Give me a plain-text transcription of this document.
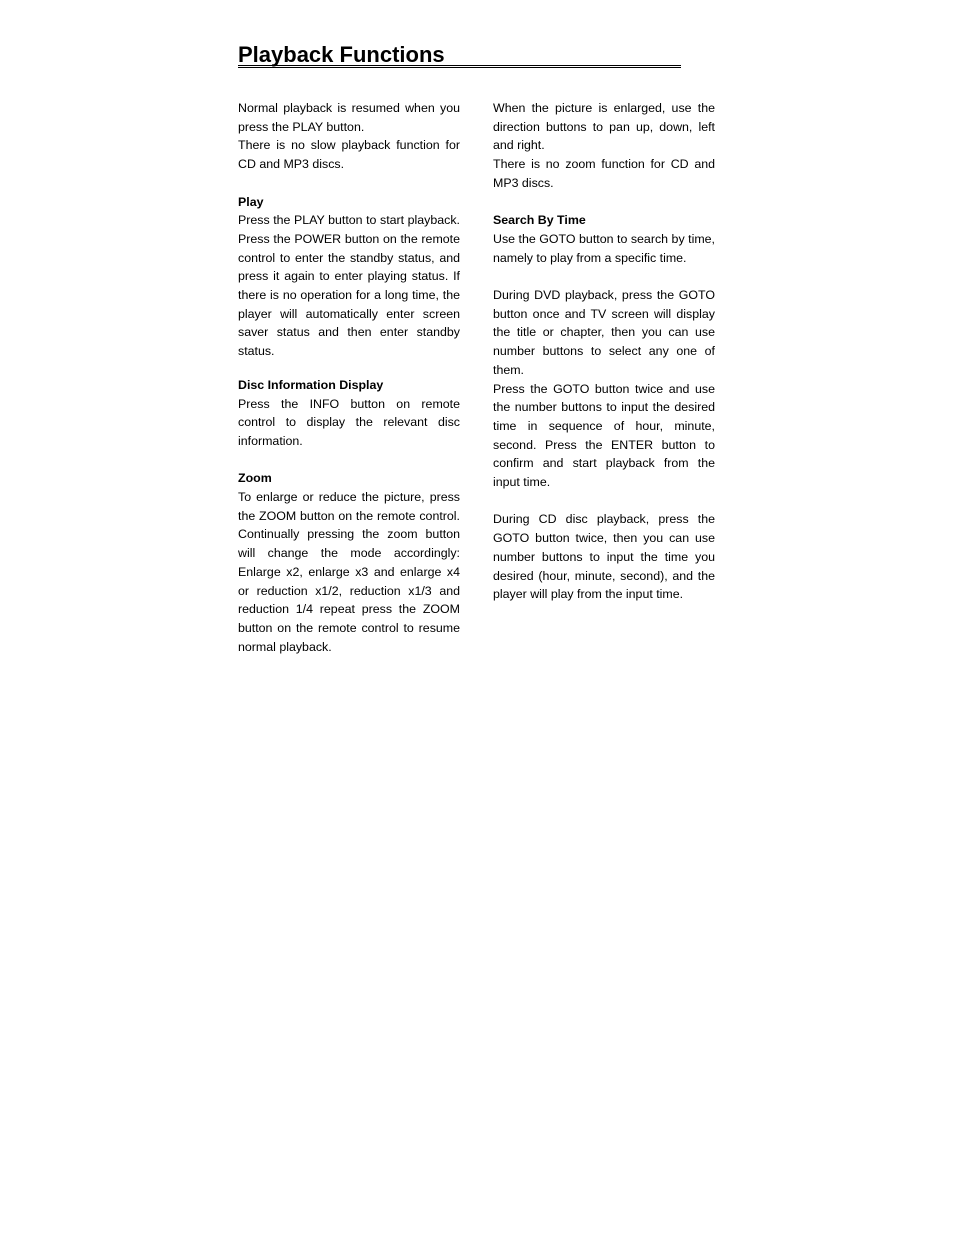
Playback Functions

Normal playback is resumed when you press the PLAY button.

There is no slow playback function for CD and MP3 discs.

Play

Press the PLAY button to start playback. Press the POWER button on the remote control to enter the standby status, and press it again to enter playing status. If there is no operation for a long time, the player will automatically enter screen saver status and then enter standby status.

Disc Information Display

Press the INFO button on remote control to display the relevant disc information.

Zoom

To enlarge or reduce the picture, press the ZOOM button on the remote control. Continually pressing the zoom button will change the mode accordingly: Enlarge x2, enlarge x3 and enlarge x4 or reduction x1/2, reduction x1/3 and reduction 1/4 repeat press the ZOOM button on the remote control to resume normal playback.

When the picture is enlarged, use the direction buttons to pan up, down, left and right.

There is no zoom function for CD and MP3 discs.

Search By Time

Use the GOTO button to search by time, namely to play from a specific time.

During DVD playback, press the GOTO button once and TV screen will display the title or chapter, then you can use number buttons to select any one of them.

Press the GOTO button twice and use the number buttons to input the desired time in sequence of hour, minute, second. Press the ENTER button to confirm and start playback from the input time.

During CD disc playback, press the GOTO button twice, then you can use number buttons to input the time you desired (hour, minute, second), and the player will play from the input time.
